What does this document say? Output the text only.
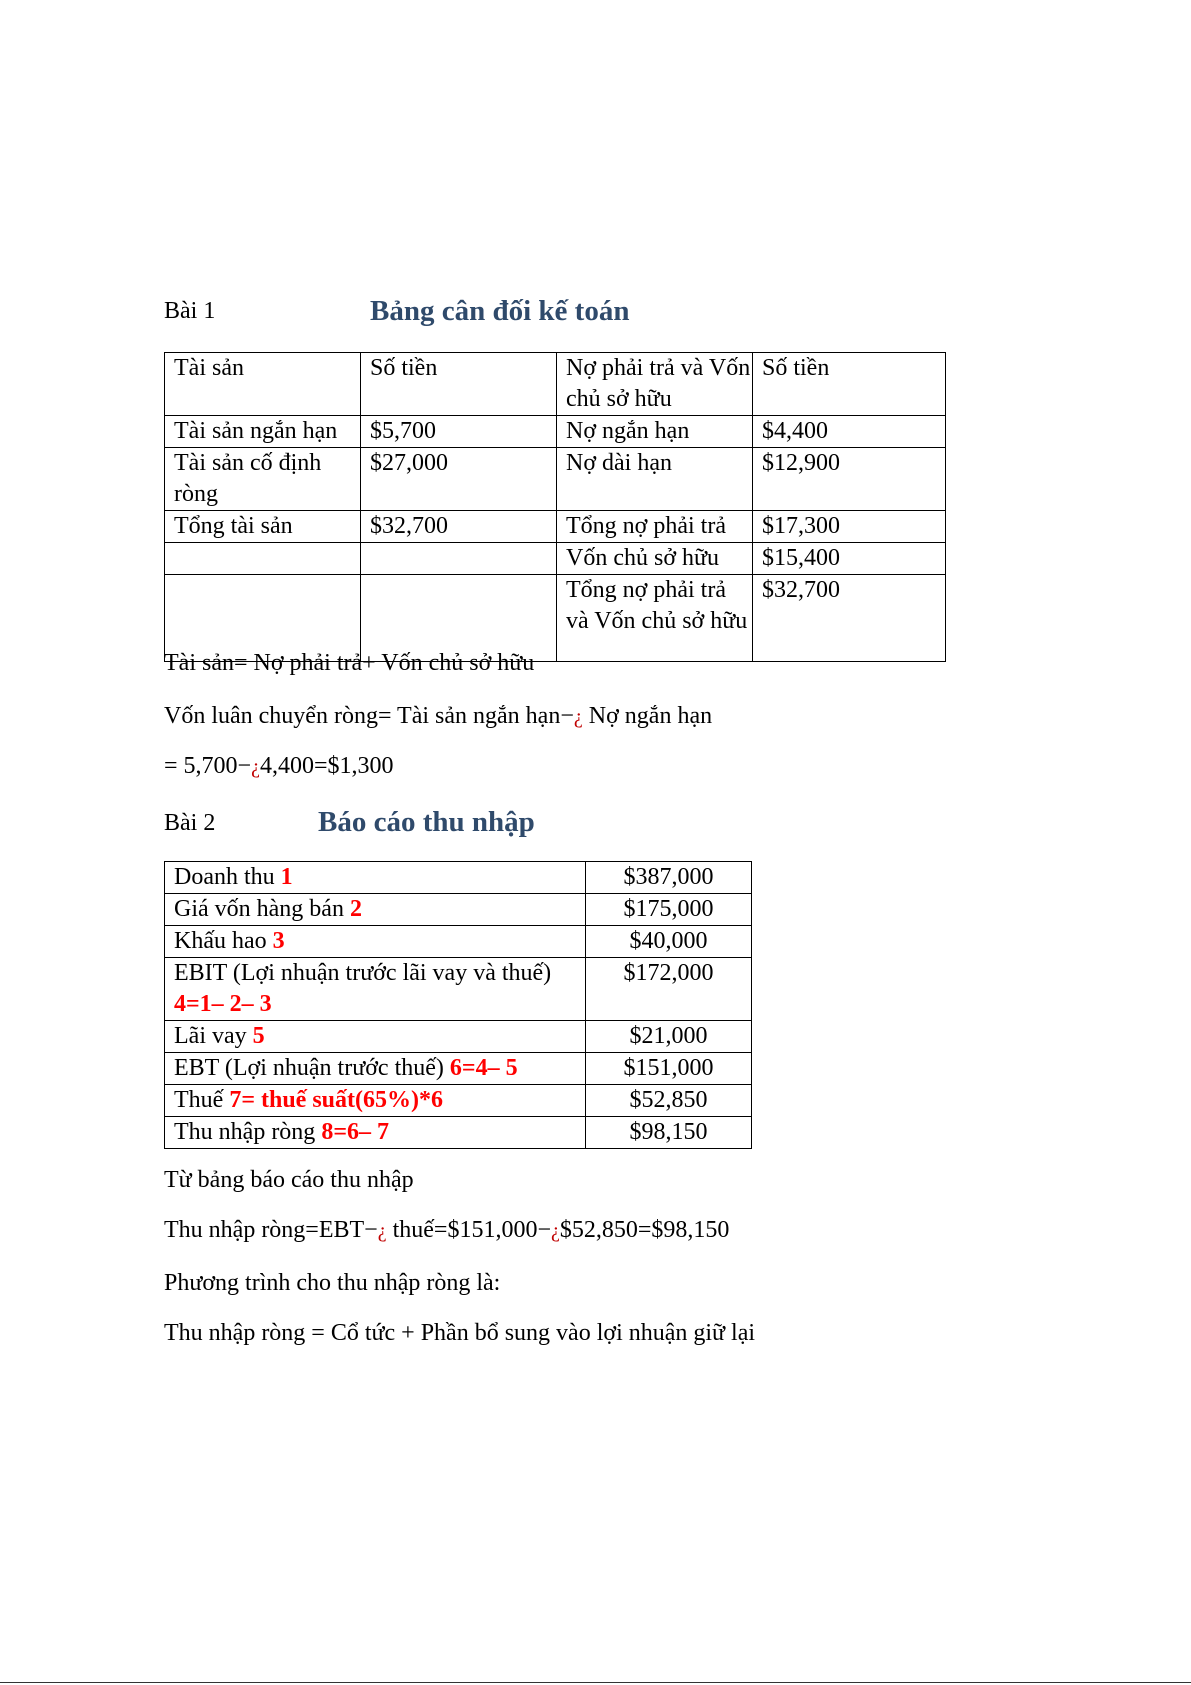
Bài 1	Bảng cân đối kế toán
Tài sản	Số tiền	Nợ phải trả và Vốn chủ sở hữu	Số tiền
Tài sản ngắn hạn	$5,700	Nợ ngắn hạn	$4,400
Tài sản cố định ròng	$27,000	Nợ dài hạn	$12,900
Tổng tài sản	$32,700	Tổng nợ phải trả	$17,300
		Vốn chủ sở hữu	$15,400
		Tổng nợ phải trả và Vốn chủ sở hữu	$32,700
Tài sản= Nợ phải trả+ Vốn chủ sở hữu
Vốn luân chuyển ròng= Tài sản ngắn hạn−¿ Nợ ngắn hạn
= 5,700−¿4,400=$1,300
Bài 2	Báo cáo thu nhập
Doanh thu 1	$387,000
Giá vốn hàng bán 2	$175,000
Khấu hao 3	$40,000
EBIT (Lợi nhuận trước lãi vay và thuế)
4=1– 2– 3	$172,000
Lãi vay 5	$21,000
EBT (Lợi nhuận trước thuế) 6=4– 5	$151,000
Thuế 7= thuế suất(65%)*6	$52,850
Thu nhập ròng 8=6– 7	$98,150
Từ bảng báo cáo thu nhập
Thu nhập ròng=EBT−¿ thuế=$151,000−¿$52,850=$98,150
Phương trình cho thu nhập ròng là:
Thu nhập ròng = Cổ tức + Phần bổ sung vào lợi nhuận giữ lại
